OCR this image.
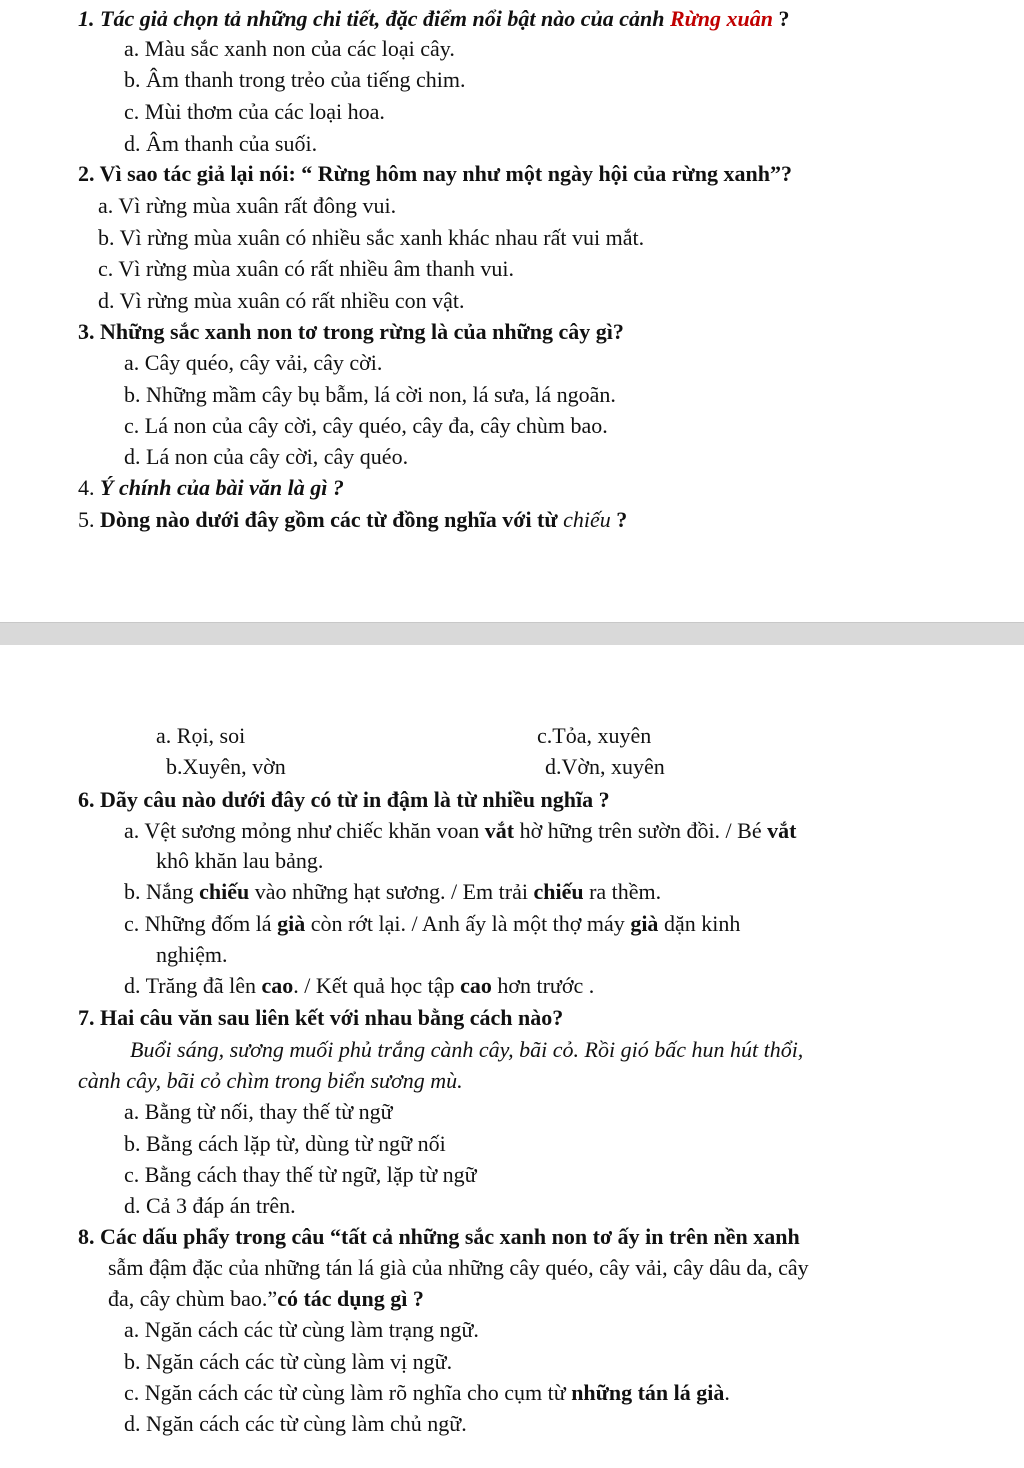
1. Tác giả chọn tả những chi tiết, đặc điểm nổi bật nào của cảnh Rừng xuân ?
a. Màu sắc xanh non của các loại cây.
b. Âm thanh trong trẻo của tiếng chim.
c. Mùi thơm của các loại hoa.
d. Âm thanh của suối.
2. Vì sao tác giả lại nói: “ Rừng hôm nay như một ngày hội của rừng xanh”?
a. Vì rừng mùa xuân rất đông vui.
b. Vì rừng mùa xuân có nhiều sắc xanh khác nhau rất vui mắt.
c. Vì rừng mùa xuân có rất nhiều âm thanh vui.
d. Vì rừng mùa xuân có rất nhiều con vật.
3. Những sắc xanh non tơ trong rừng là của những cây gì?
a. Cây quéo, cây vải, cây cời.
b. Những mầm cây bụ bẫm, lá cời non, lá sưa, lá ngoãn.
c. Lá non của cây cời, cây quéo, cây đa, cây chùm bao.
d. Lá non của cây cời, cây quéo.
4. Ý chính của bài văn là gì ?
5. Dòng nào dưới đây gồm các từ đồng nghĩa với từ chiếu ?
a. Rọi, soi	c.Tỏa, xuyên
b.Xuyên, vờn	d.Vờn, xuyên
6. Dãy câu nào dưới đây có từ in đậm là từ nhiều nghĩa ?
a. Vệt sương mỏng như chiếc khăn voan vắt hờ hững trên sườn đồi. / Bé vắt
khô khăn lau bảng.
b. Nắng chiếu vào những hạt sương. / Em trải chiếu ra thềm.
c. Những đốm lá già còn rớt lại. / Anh ấy là một thợ máy già dặn kinh
nghiệm.
d. Trăng đã lên cao. / Kết quả học tập cao hơn trước .
7. Hai câu văn sau liên kết với nhau bằng cách nào?
Buổi sáng, sương muối phủ trắng cành cây, bãi cỏ. Rồi gió bấc hun hút thổi,
cành cây, bãi cỏ chìm trong biển sương mù.
a. Bằng từ nối, thay thế từ ngữ
b. Bằng cách lặp từ, dùng từ ngữ nối
c. Bằng cách thay thế từ ngữ, lặp từ ngữ
d. Cả 3 đáp án trên.
8. Các dấu phẩy trong câu “tất cả những sắc xanh non tơ ấy in trên nền xanh
sẫm đậm đặc của những tán lá già của những cây quéo, cây vải, cây dâu da, cây
đa, cây chùm bao.”có tác dụng gì ?
a. Ngăn cách các từ cùng làm trạng ngữ.
b. Ngăn cách các từ cùng làm vị ngữ.
c. Ngăn cách các từ cùng làm rõ nghĩa cho cụm từ những tán lá già.
d. Ngăn cách các từ cùng làm chủ ngữ.
